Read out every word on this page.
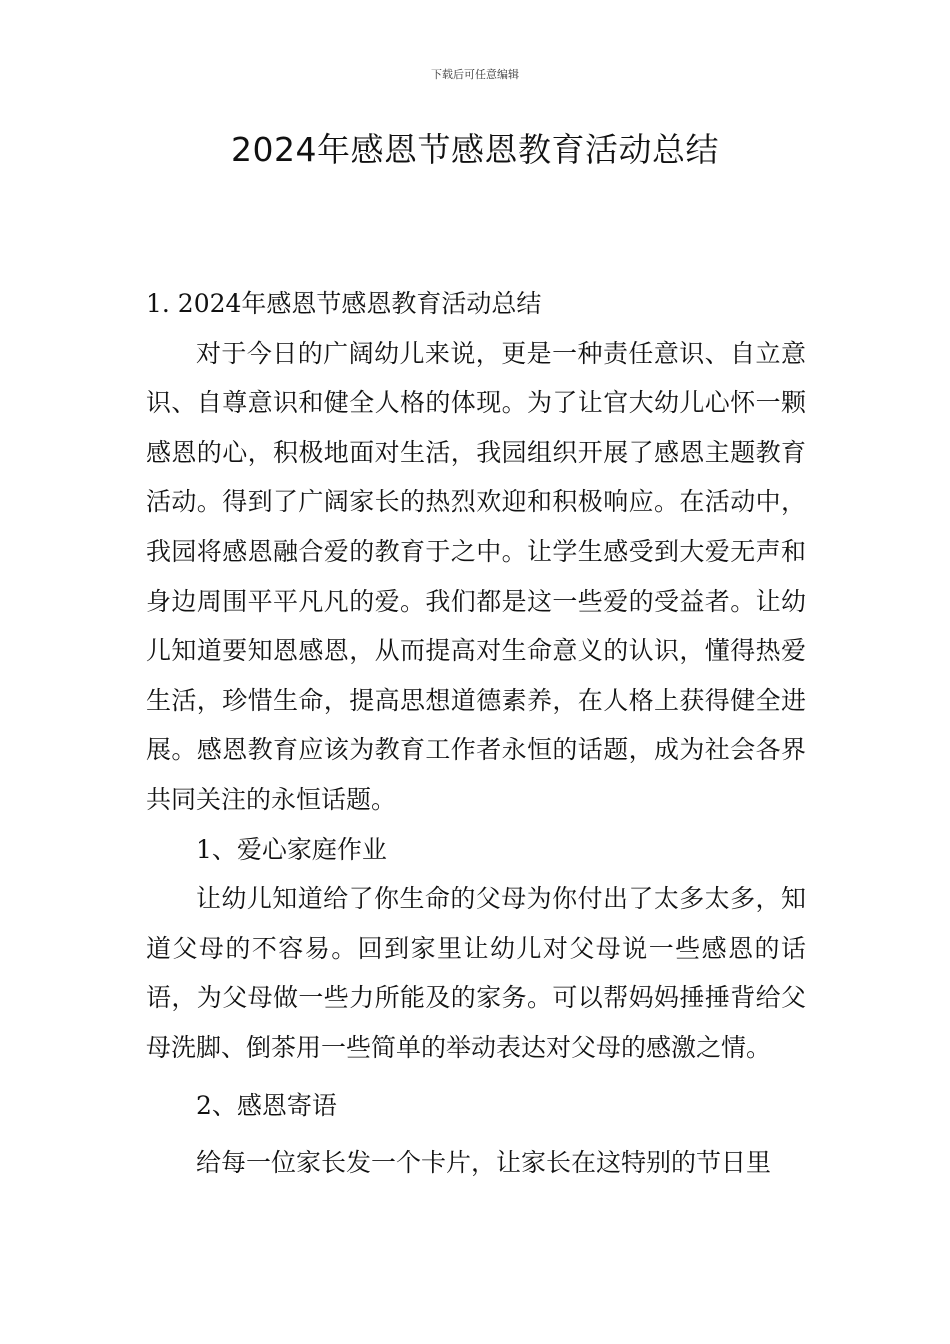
下载后可任意编辑
2024年感恩节感恩教育活动总结

1. 2024年感恩节感恩教育活动总结

对于今日的广阔幼儿来说，更是一种责任意识、自立意识、自尊意识和健全人格的体现。为了让官大幼儿心怀一颗感恩的心，积极地面对生活，我园组织开展了感恩主题教育活动。得到了广阔家长的热烈欢迎和积极响应。在活动中，我园将感恩融合爱的教育于之中。让学生感受到大爱无声和身边周围平平凡凡的爱。我们都是这一些爱的受益者。让幼儿知道要知恩感恩，从而提高对生命意义的认识，懂得热爱生活，珍惜生命，提高思想道德素养，在人格上获得健全进展。感恩教育应该为教育工作者永恒的话题，成为社会各界共同关注的永恒话题。

1、爱心家庭作业

让幼儿知道给了你生命的父母为你付出了太多太多，知道父母的不容易。回到家里让幼儿对父母说一些感恩的话语，为父母做一些力所能及的家务。可以帮妈妈捶捶背给父母洗脚、倒茶用一些简单的举动表达对父母的感激之情。

2、感恩寄语

给每一位家长发一个卡片，让家长在这特别的节日里
